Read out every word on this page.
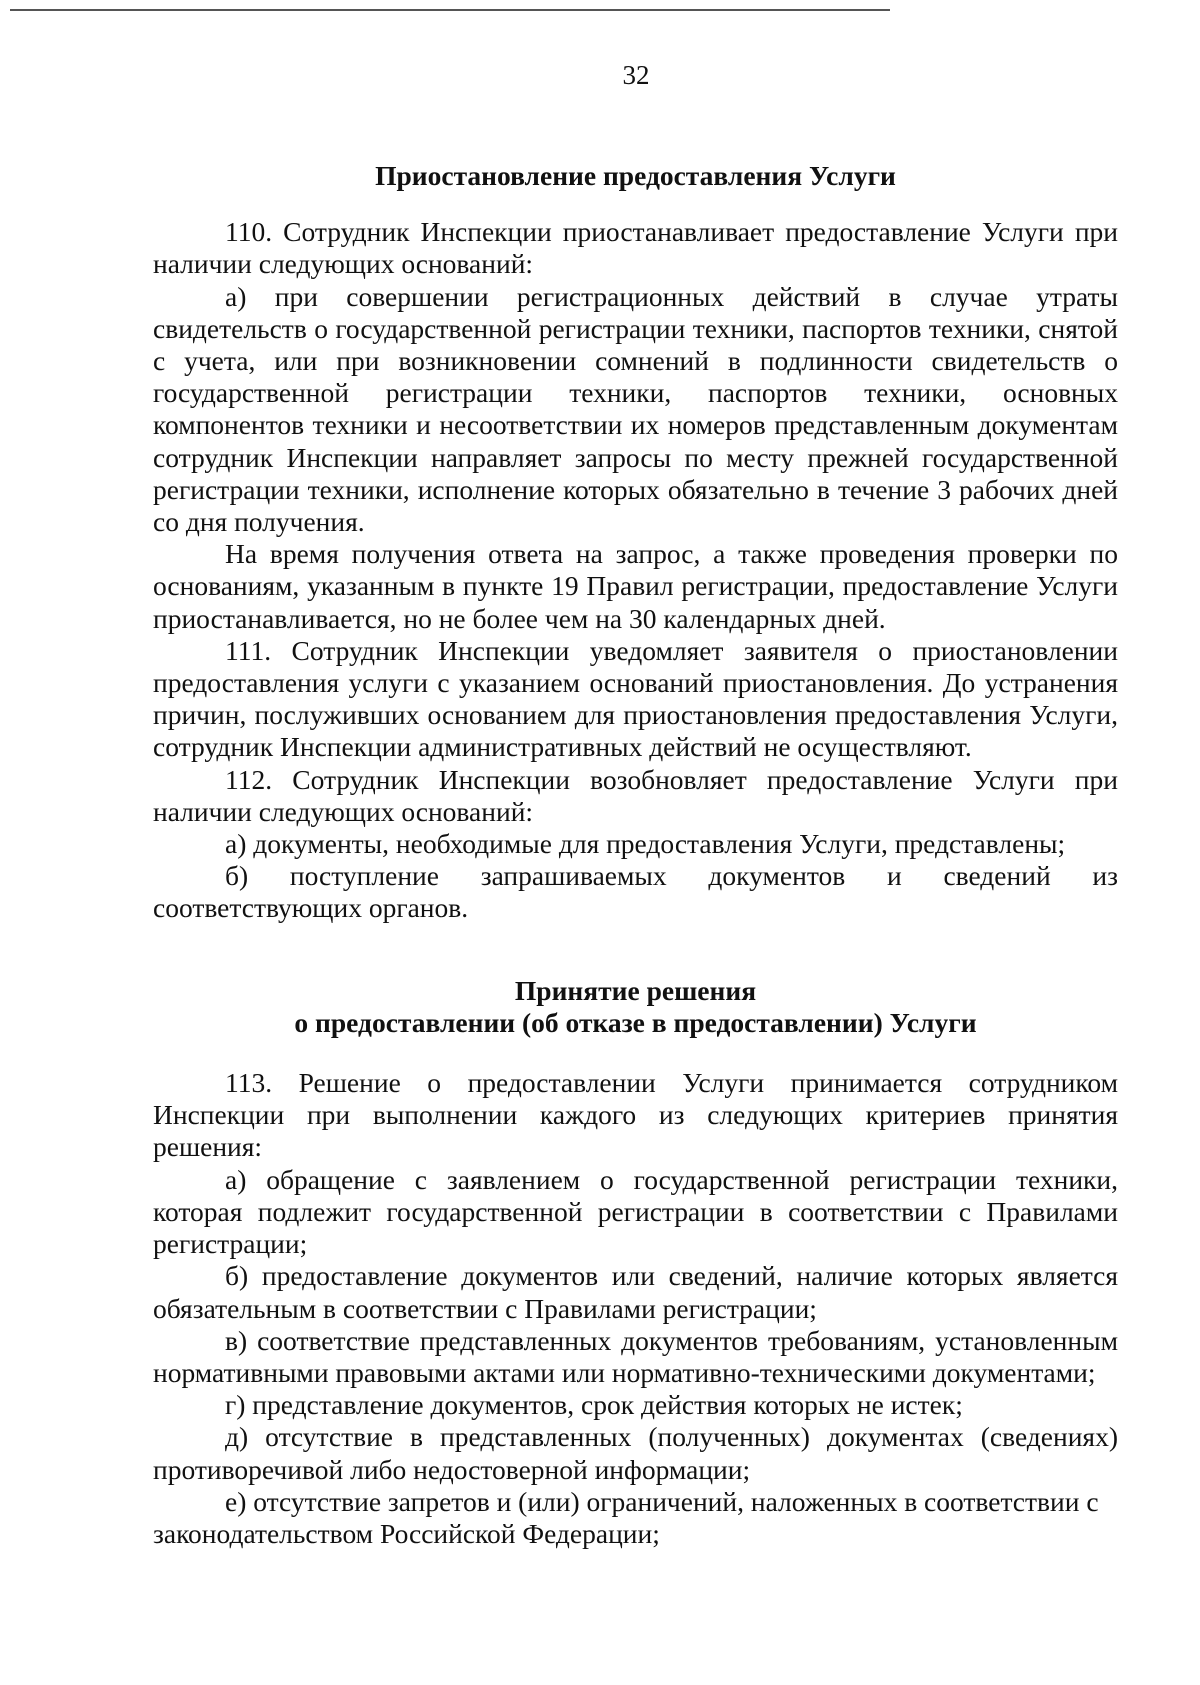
32
Приостановление предоставления Услуги

110. Сотрудник Инспекции приостанавливает предоставление Услуги при наличии следующих оснований:

а) при совершении регистрационных действий в случае утраты свидетельств о государственной регистрации техники, паспортов техники, снятой с учета, или при возникновении сомнений в подлинности свидетельств о государственной регистрации техники, паспортов техники, основных компонентов техники и несоответствии их номеров представленным документам сотрудник Инспекции направляет запросы по месту прежней государственной регистрации техники, исполнение которых обязательно в течение 3 рабочих дней со дня получения.

На время получения ответа на запрос, а также проведения проверки по основаниям, указанным в пункте 19 Правил регистрации, предоставление Услуги приостанавливается, но не более чем на 30 календарных дней.

111. Сотрудник Инспекции уведомляет заявителя о приостановлении предоставления услуги с указанием оснований приостановления. До устранения причин, послуживших основанием для приостановления предоставления Услуги, сотрудник Инспекции административных действий не осуществляют.

112. Сотрудник Инспекции возобновляет предоставление Услуги при наличии следующих оснований:

а) документы, необходимые для предоставления Услуги, представлены;

б) поступление запрашиваемых документов и сведений из соответствующих органов.

Принятие решения
о предоставлении (об отказе в предоставлении) Услуги

113. Решение о предоставлении Услуги принимается сотрудником Инспекции при выполнении каждого из следующих критериев принятия решения:

а) обращение с заявлением о государственной регистрации техники, которая подлежит государственной регистрации в соответствии с Правилами регистрации;

б) предоставление документов или сведений, наличие которых является обязательным в соответствии с Правилами регистрации;

в) соответствие представленных документов требованиям, установленным нормативными правовыми актами или нормативно-техническими документами;

г) представление документов, срок действия которых не истек;

д) отсутствие в представленных (полученных) документах (сведениях) противоречивой либо недостоверной информации;

е) отсутствие запретов и (или) ограничений, наложенных в соответствии с законодательством Российской Федерации;
